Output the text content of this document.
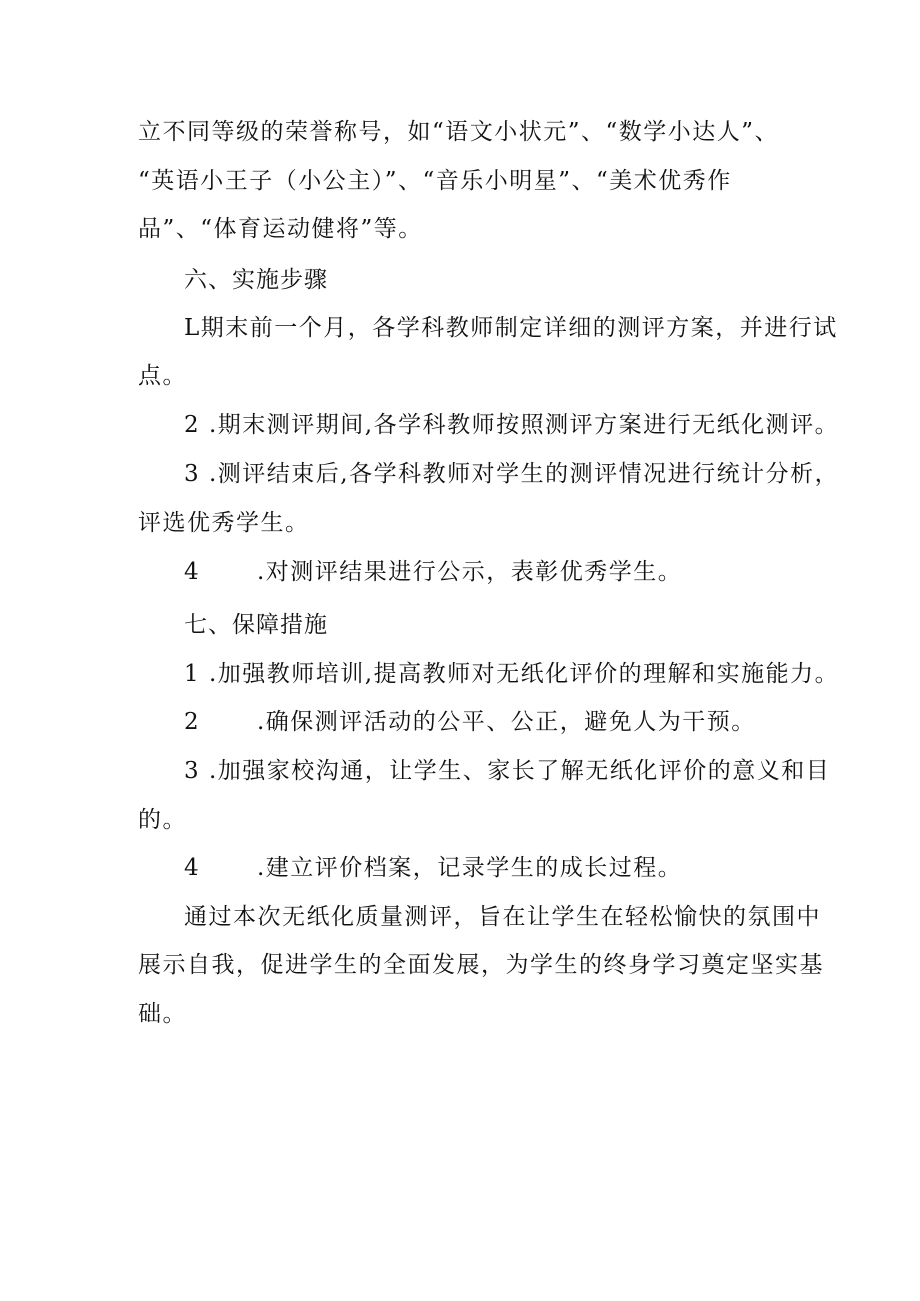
立不同等级的荣誉称号，如“语文小状元”、“数学小达人”、
“英语小王子（小公主）”、“音乐小明星”、“美术优秀作
品”、“体育运动健将”等。
六、实施步骤
L期末前一个月，各学科教师制定详细的测评方案，并进行试
点。
2 .期末测评期间,各学科教师按照测评方案进行无纸化测评。
3 .测评结束后,各学科教师对学生的测评情况进行统计分析，
评选优秀学生。
4 .对测评结果进行公示，表彰优秀学生。
七、保障措施
1 .加强教师培训,提高教师对无纸化评价的理解和实施能力。
2 .确保测评活动的公平、公正，避免人为干预。
3 .加强家校沟通，让学生、家长了解无纸化评价的意义和目
的。
4 .建立评价档案，记录学生的成长过程。
通过本次无纸化质量测评，旨在让学生在轻松愉快的氛围中
展示自我，促进学生的全面发展，为学生的终身学习奠定坚实基
础。
